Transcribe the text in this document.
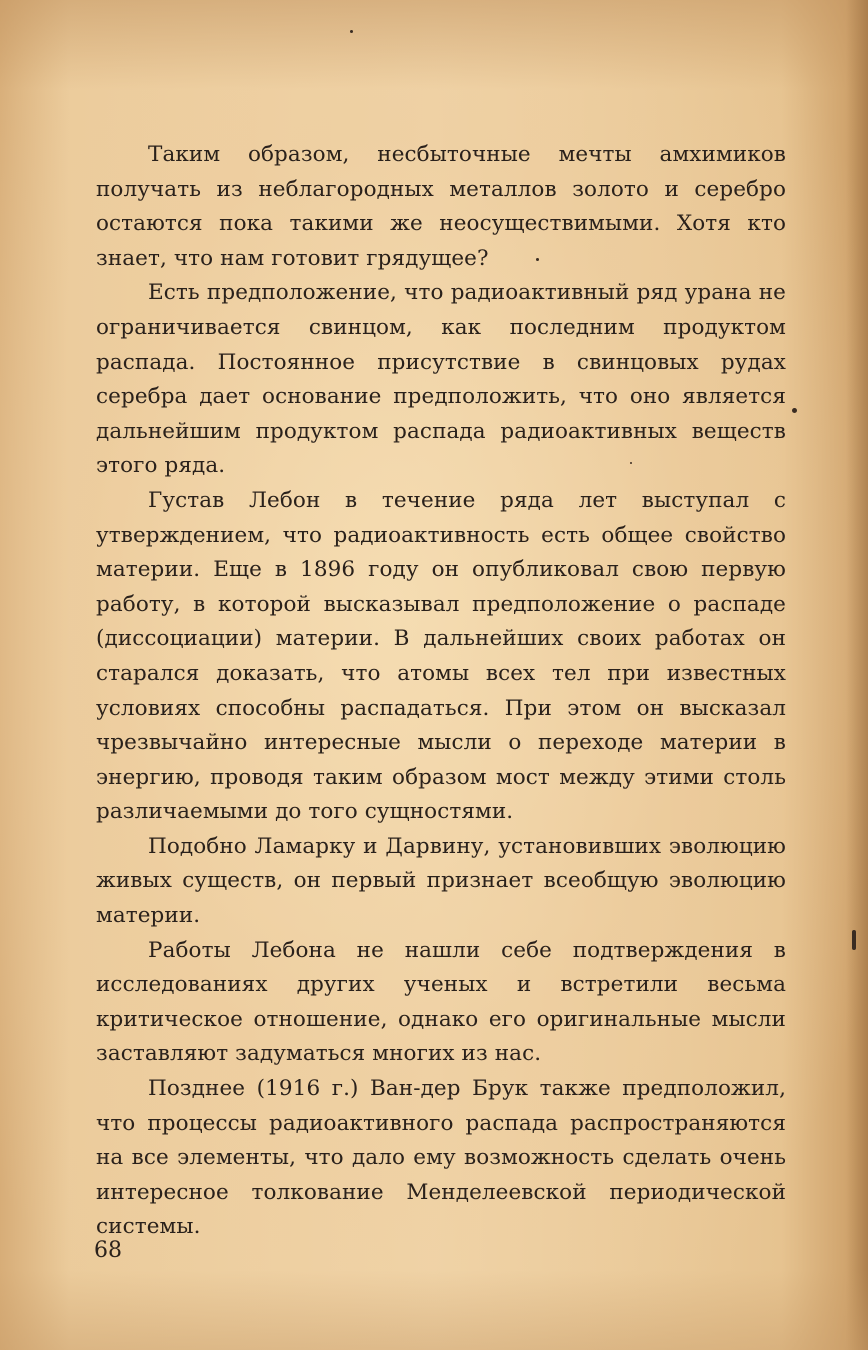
Таким образом, несбыточные мечты амхимиков получать из неблагородных металлов золото и серебро остаются пока такими же неосуществимыми. Хотя кто знает, что нам готовит грядущее?

Есть предположение, что радиоактивный ряд урана не ограничивается свинцом, как последним продуктом распада. Постоянное присутствие в свинцовых рудах серебра дает основание предположить, что оно является дальнейшим продуктом распада радиоактивных веществ этого ряда.

Густав Лебон в течение ряда лет выступал с утверждением, что радиоактивность есть общее свойство материи. Еще в 1896 году он опубликовал свою первую работу, в которой высказывал предположение о распаде (диссоциации) материи. В дальнейших своих работах он старался доказать, что атомы всех тел при известных условиях способны распадаться. При этом он высказал чрезвычайно интересные мысли о переходе материи в энергию, проводя таким образом мост между этими столь различаемыми до того сущностями.

Подобно Ламарку и Дарвину, установивших эволюцию живых существ, он первый признает всеобщую эволюцию материи.

Работы Лебона не нашли себе подтверждения в исследованиях других ученых и встретили весьма критическое отношение, однако его оригинальные мысли заставляют задуматься многих из нас.

Позднее (1916 г.) Ван-дер Брук также предположил, что процессы радиоактивного распада распространяются на все элементы, что дало ему возможность сделать очень интересное толкование Менделеевской периодической системы.

68
